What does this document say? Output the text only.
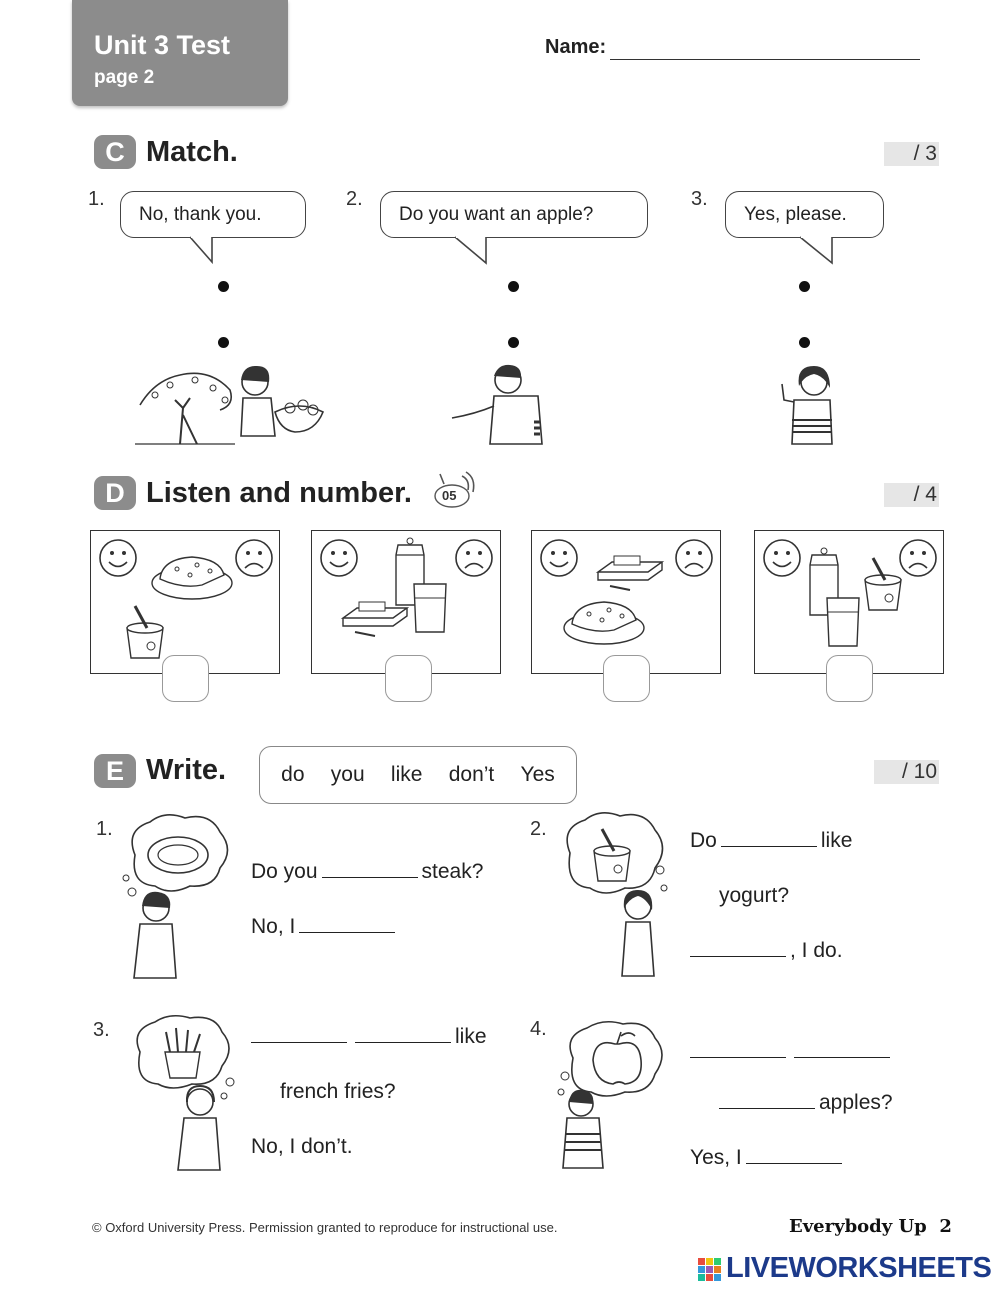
Unit 3 Test
page 2
Name:
C Match.	/ 3
1.	2.	3.
No, thank you.	Do you want an apple?	Yes, please.
D Listen and number. 05	/ 4
E Write.	/ 10
do you like don’t Yes
1.	2.
3.	4.
Do you	steak?
No, I
Do	like
yogurt?
, I do.
like
french fries?
No, I don’t.
apples?
Yes, I
© Oxford University Press. Permission granted to reproduce for instructional use.	Everybody Up 2
LIVEWORKSHEETS
